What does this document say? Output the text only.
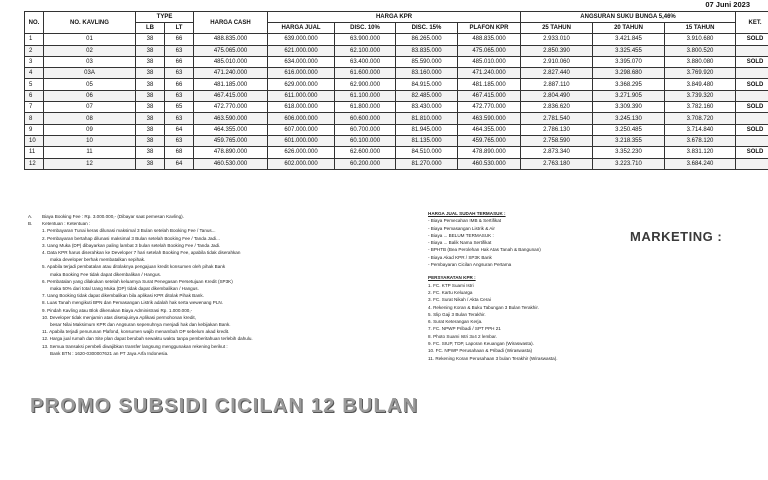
07 Juni 2023
NO.	NO. KAVLING	TYPE		HARGA CASH	HARGA KPR				ANGSURAN SUKU BUNGA 5,46%			KET.
		LB	LT		HARGA JUAL	DISC. 10%	DISC. 15%	PLAFON KPR	25 TAHUN	20 TAHUN	15 TAHUN	
1	01	38	66	488.835.000	639.000.000	63.900.000	86.265.000	488.835.000	2.933.010	3.421.845	3.910.680	SOLD
2	02	38	63	475.065.000	621.000.000	62.100.000	83.835.000	475.065.000	2.850.390	3.325.455	3.800.520	
3	03	38	66	485.010.000	634.000.000	63.400.000	85.590.000	485.010.000	2.910.060	3.395.070	3.880.080	SOLD
4	03A	38	63	471.240.000	616.000.000	61.600.000	83.160.000	471.240.000	2.827.440	3.298.680	3.769.920	
5	05	38	66	481.185.000	629.000.000	62.900.000	84.915.000	481.185.000	2.887.110	3.368.295	3.849.480	SOLD
6	06	38	63	467.415.000	611.000.000	61.100.000	82.485.000	467.415.000	2.804.490	3.271.905	3.739.320	
7	07	38	65	472.770.000	618.000.000	61.800.000	83.430.000	472.770.000	2.836.620	3.309.390	3.782.160	SOLD
8	08	38	63	463.590.000	606.000.000	60.600.000	81.810.000	463.590.000	2.781.540	3.245.130	3.708.720	
9	09	38	64	464.355.000	607.000.000	60.700.000	81.945.000	464.355.000	2.786.130	3.250.485	3.714.840	SOLD
10	10	38	63	459.765.000	601.000.000	60.100.000	81.135.000	459.765.000	2.758.590	3.218.355	3.678.120	
11	11	38	68	478.890.000	626.000.000	62.600.000	84.510.000	478.890.000	2.873.340	3.352.230	3.831.120	SOLD
12	12	38	64	460.530.000	602.000.000	60.200.000	81.270.000	460.530.000	2.763.180	3.223.710	3.684.240	
A.	Biaya Booking Fee : Rp. 3.000.000,- (Dibayar saat pemesan Kavling).
B.	Ketentuan : Ketentuan :
1. Pembayaran Tunai keras dilunasi maksimal 3 Bulan setelah Booking Fee / Tanus...
2. Pembayaran bertahap dilunasi maksimal 3 Bulan setelah Booking Fee / Tanda Jadi...
3. Uang Muka (DP) dibayarkan paling lambat 3 bulan setelah Booking Fee / Tanda Jadi.
4. Data KPR harus diserahkan ke Developer 7 hari setelah Booking Fee, apabila tidak diserahkan
maka developer berhak membatalkan sepihak.
5. Apabila terjadi pembatalan atau ditolaknya pengajuan kredit konsumen oleh pihak Bank
maka Booking Fee tidak dapat dikembalikan / Hangus.
6. Pembatalan yang dilakukan setelah keluarnya Surat Penegasan Persetujuan Kredit (SP3K)
maka 50% dari total Uang Muka (DP) tidak dapat dikembalikan / Hangus.
7. Uang Booking tidak dapat dikembalikan bila aplikasi KPR ditolak Pihak Bank.
8. Luas Tanah mengikuti BPN dan Pemasangan Listrik adalah hak serta wewenang PLN.
9. Pindah Kavling atau Blok dikenakan Biaya Administrasi Rp. 1.000.000,-
10. Developer tidak menjamin atas disetujuinya Aplikasi permohonan kredit,
besar Nilai Maksimum KPR dan Angsuran sepenuhnya menjadi hak dan kebijakan Bank.
11. Apabila terjadi penurunan Plafond, konsumen wajib menambah DP sebelum akad kredit.
12. Harga jual rumah dan Site plan dapat berubah sewaktu waktu tanpa pemberitahuan terlebih dahulu.
13. Semua transaksi pembeli diwajibkan transfer langsung menggunakan rekening berikut :
Bank BTN : 1620-0300007621 an PT Jaya Arfa Indonesia.
HARGA JUAL SUDAH TERMASUK :
- Biaya Pemecahan IMB & Sertifikat
- Biaya Pemasangan Listrik & Air
- Biaya ... BELUM TERMASUK :
- Biaya ... Balik Nama Sertifikat
- BPHTB (Bea Perolehan Hak Atas Tanah & Bangunan)
- Biaya Akad KPR / SP3K Bank
- Pembayaran Cicilan Angsuran Pertama
PERSYARATAN KPR :
1. FC. KTP Suami Istri
2. FC. Kartu Keluarga
3. FC. Surat Nikah / Akta Cerai
4. Rekening Koran & Buku Tabungan 3 Bulan Terakhir.
5. Slip Gaji 3 Bulan Terakhir.
6. Surat Keterangan Kerja.
7. FC. NPWP Pribadi / SPT PPH 21
8. Photo Suami Istri 3x4 2 lembar.
9. FC. SIUP, TDP, Laporan Keuangan (Wiraswasta).
10. FC. NPWP Perusahaan & Pribadi (Wiraswasta)
11. Rekening Koran Perusahaan 3 bulan Terakhir (Wiraswasta).
MARKETING :
PROMO SUBSIDI CICILAN 12 BULAN
